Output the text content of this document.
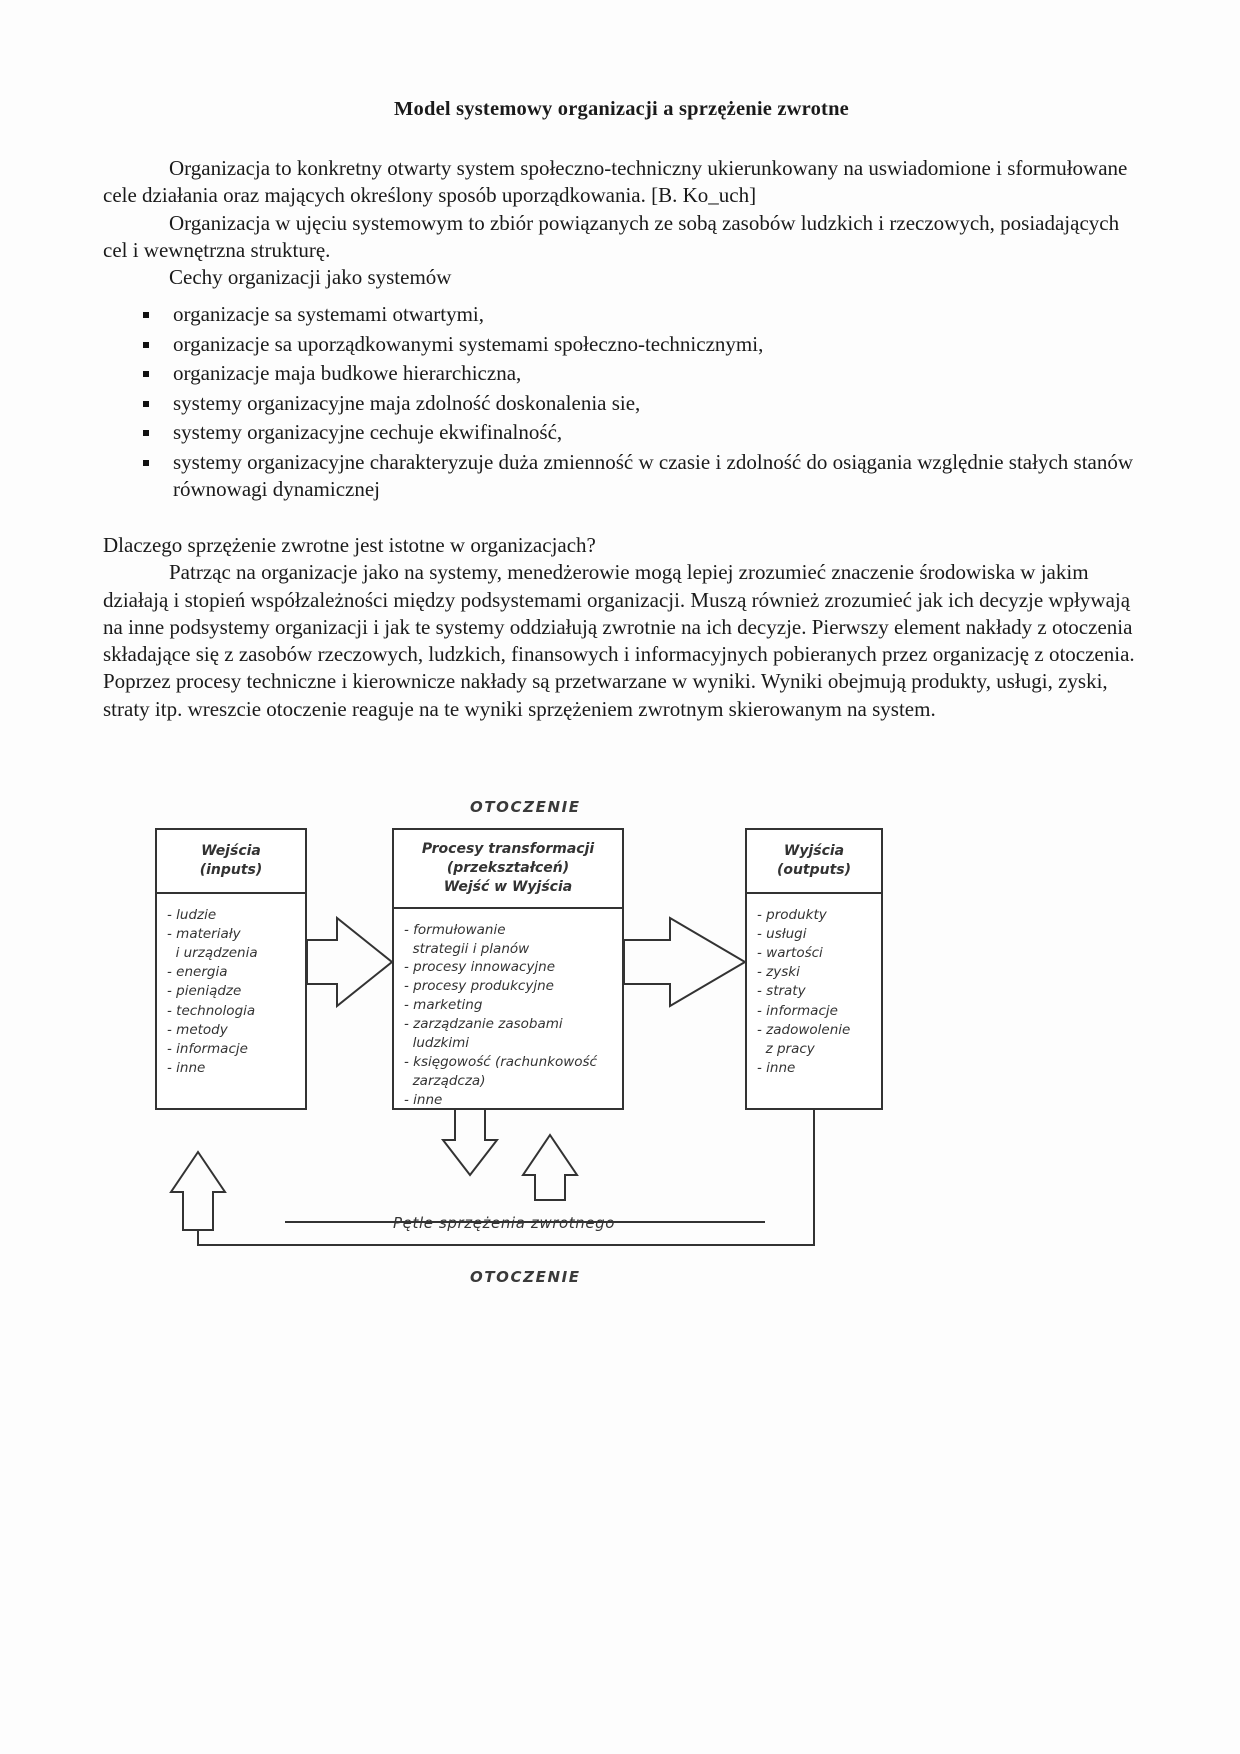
Model systemowy organizacji a sprzężenie zwrotne

Organizacja to konkretny otwarty system społeczno-techniczny ukierunkowany na uswiadomione i sformułowane cele działania oraz mających określony sposób uporządkowania. [B. Ko_uch]

Organizacja w ujęciu systemowym to zbiór powiązanych ze sobą zasobów ludzkich i rzeczowych, posiadających cel i wewnętrzna strukturę.

Cechy organizacji jako systemów

organizacje sa systemami otwartymi,
organizacje sa uporządkowanymi systemami społeczno-technicznymi,
organizacje maja budkowe hierarchiczna,
systemy organizacyjne maja zdolność doskonalenia sie,
systemy organizacyjne cechuje ekwifinalność,
systemy organizacyjne charakteryzuje duża zmienność w czasie i zdolność do osiągania względnie stałych stanów równowagi dynamicznej

Dlaczego sprzężenie zwrotne jest istotne w organizacjach?

Patrząc na organizacje jako na systemy, menedżerowie mogą lepiej zrozumieć znaczenie środowiska w jakim działają i stopień współzależności między podsystemami organizacji. Muszą również zrozumieć jak ich decyzje wpływają na inne podsystemy organizacji i jak te systemy oddziałują zwrotnie na ich decyzje. Pierwszy element nakłady z otoczenia składające się z zasobów rzeczowych, ludzkich, finansowych i informacyjnych pobieranych przez organizację z otoczenia. Poprzez procesy techniczne i kierownicze nakłady są przetwarzane w wyniki. Wyniki obejmują produkty, usługi, zyski, straty itp. wreszcie otoczenie reaguje na te wyniki sprzężeniem zwrotnym skierowanym na system.

OTOCZENIE
OTOCZENIE
Wejścia
(inputs)
- ludzie
- materiały
i urządzenia
- energia
- pieniądze
- technologia
- metody
- informacje
- inne
Procesy transformacji
(przekształceń)
Wejść w Wyjścia
- formułowanie
strategii i planów
- procesy innowacyjne
- procesy produkcyjne
- marketing
- zarządzanie zasobami
ludzkimi
- księgowość (rachunkowość
zarządcza)
- inne
Wyjścia
(outputs)
- produkty
- usługi
- wartości
- zyski
- straty
- informacje
- zadowolenie
z pracy
- inne
Pętle sprzężenia zwrotnego
